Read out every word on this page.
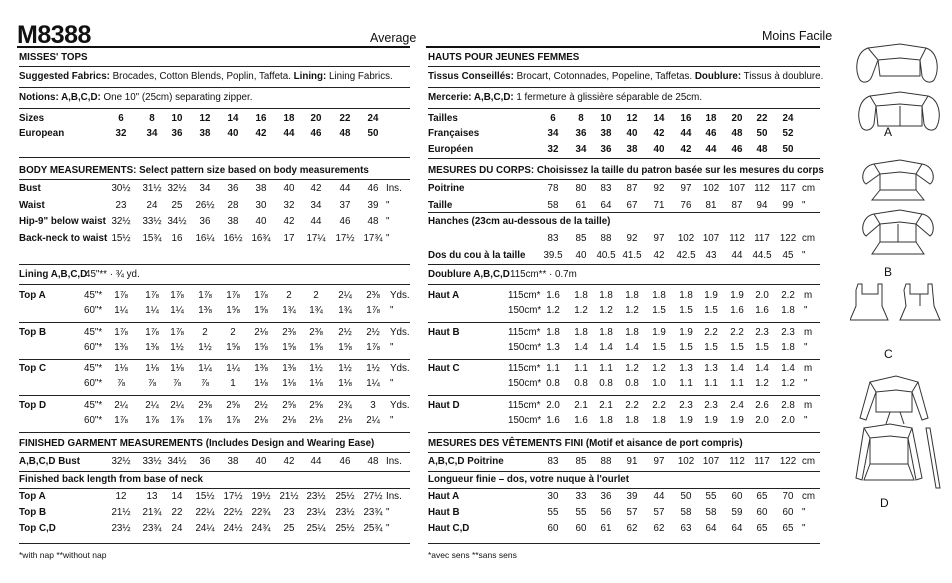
M8388	Average	Moins Facile
MISSES' TOPS
Suggested Fabrics: Brocades, Cotton Blends, Poplin, Taffeta. Lining: Lining Fabrics.
Notions: A,B,C,D: One 10" (25cm) separating zipper.
Sizes	6	8 10 12 14 16 18 20 22 24
European	32 34 36 38 40 42 44 46 48 50
BODY MEASUREMENTS: Select pattern size based on body measurements
Bust	30½ 31½ 32½ 34 36 38 40 42 44 46 Ins.
Waist	23 24 25 26½ 28 30 32 34 37 39 "
Hip-9" below waist 32½ 33½ 34½ 36 38 40 42 44 46 48 "
Back-neck to waist 15½ 15¾ 16 16¼ 16½ 16¾ 17 17¼ 17½ 17¾ "
Lining A,B,C,D
45"** · ¾ yd.
Top A	45"* 1⅞ 1⅞ 1⅞ 1⅞ 1⅞ 1⅞ 2 2 2¼ 2⅜ Yds.
60"* 1¼ 1¼ 1¼ 1⅜ 1⅝ 1⅝ 1¾ 1¾ 1¾ 1⅞ "
Top B	45"* 1⅞ 1⅞ 1⅞ 2 2 2⅛ 2⅜ 2⅜ 2½ 2½ Yds.
60"* 1⅜ 1⅜ 1½ 1½ 1⅝ 1⅝ 1⅝ 1⅝ 1⅝ 1⅞ "
Top C	45"* 1⅛ 1⅛ 1⅛ 1¼ 1¼ 1⅜ 1⅜ 1½ 1½ 1½ Yds.
60"* ⅞ ⅞ ⅞ ⅞ 1 1⅛ 1⅛ 1⅛ 1⅛ 1¼ "
Top D	45"* 2¼ 2¼ 2¼ 2⅜ 2⅝ 2½ 2⅝ 2⅝ 2¾ 3 Yds.
60"* 1⅞ 1⅞ 1⅞ 1⅞ 1⅞ 2⅛ 2⅛ 2⅛ 2⅛ 2¼ "
FINISHED GARMENT MEASUREMENTS (Includes Design and Wearing Ease)
A,B,C,D Bust	32½ 33½ 34½ 36 38 40 42 44 46 48 Ins.
Finished back length from base of neck
Top A	12 13 14 15½ 17½ 19½ 21½ 23½ 25½ 27½ Ins.
Top B	21½ 21¾ 22 22¼ 22½ 22¾ 23 23¼ 23½ 23¾ "
Top C,D	23½ 23¾ 24 24¼ 24½ 24¾ 25 25¼ 25½ 25¾ "
*with nap **without nap
HAUTS POUR JEUNES FEMMES
Tissus Conseillés: Brocart, Cotonnades, Popeline, Taffetas. Doublure: Tissus à doublure.
Mercerie: A,B,C,D: 1 fermeture à glissière séparable de 25cm.
Tailles	6 8 10 12 14 16 18 20 22 24
Françaises	34 36 38 40 42 44 46 48 50 52
Européen	32 34 36 38 40 42 44 46 48 50
MESURES DU CORPS: Choisissez la taille du patron basée sur les mesures du corps
Poitrine	78 80 83 87 92 97 102 107 112 117 cm
Taille	58 61 64 67 71 76 81 87 94 99 "
Hanches (23cm au-dessous de la taille)
83 85 88 92 97 102 107 112 117 122 cm
Dos du cou à la taille 39.5 40 40.5 41.5 42 42.5 43 44 44.5 45 "
Doublure A,B,C,D 115cm** · 0.7m
Haut A	115cm* 1.6 1.8 1.8 1.8 1.8 1.8 1.9 1.9 2.0 2.2 m
150cm* 1.2 1.2 1.2 1.2 1.5 1.5 1.5 1.6 1.6 1.8 "
Haut B	115cm* 1.8 1.8 1.8 1.8 1.9 1.9 2.2 2.2 2.3 2.3 m
150cm* 1.3 1.4 1.4 1.4 1.5 1.5 1.5 1.5 1.5 1.8 "
Haut C	115cm* 1.1 1.1 1.1 1.2 1.2 1.3 1.3 1.4 1.4 1.4 m
150cm* 0.8 0.8 0.8 0.8 1.0 1.1 1.1 1.1 1.2 1.2 "
Haut D	115cm* 2.0 2.1 2.1 2.2 2.2 2.3 2.3 2.4 2.6 2.8 m
150cm* 1.6 1.6 1.8 1.8 1.8 1.9 1.9 1.9 2.0 2.0 "
MESURES DES VÊTEMENTS FINI (Motif et aisance de port compris)
A,B,C,D Poitrine	83 85 88 91 97 102 107 112 117 122 cm
Longueur finie – dos, votre nuque à l'ourlet
Haut A	30 33 36 39 44 50 55 60 65 70 cm
Haut B	55 55 56 57 57 58 58 59 60 60 "
Haut C,D	60 60 61 62 62 63 64 64 65 65 "
*avec sens **sans sens
A
B
C
D
